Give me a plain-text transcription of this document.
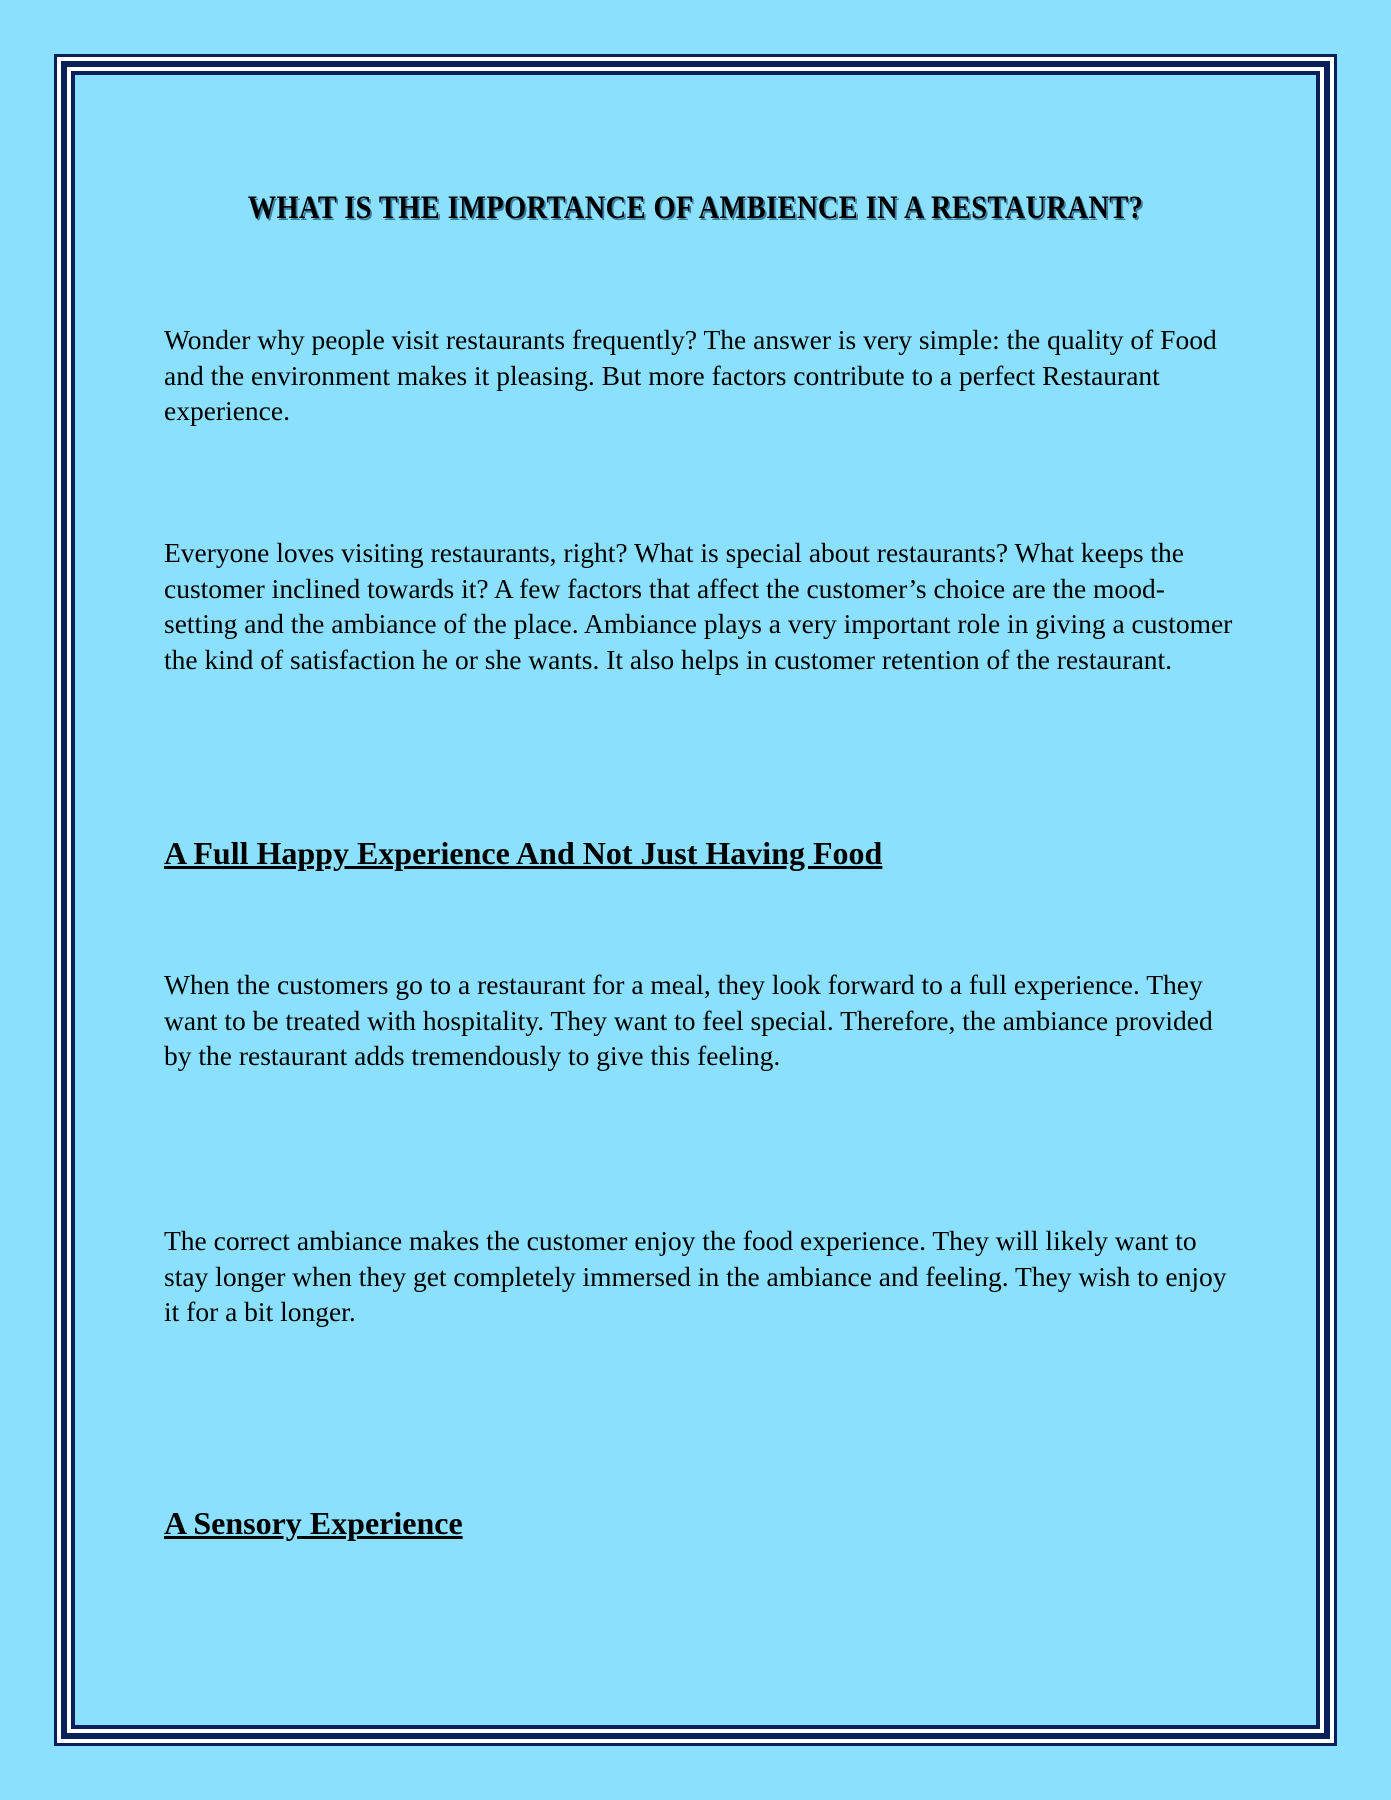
WHAT IS THE IMPORTANCE OF AMBIENCE IN A RESTAURANT?

Wonder why people visit restaurants frequently? The answer is very simple: the quality of Food and the environment makes it pleasing. But more factors contribute to a perfect Restaurant experience.

Everyone loves visiting restaurants, right? What is special about restaurants? What keeps the customer inclined towards it? A few factors that affect the customer’s choice are the mood- setting and the ambiance of the place. Ambiance plays a very important role in giving a customer the kind of satisfaction he or she wants. It also helps in customer retention of the restaurant.

A Full Happy Experience And Not Just Having Food

When the customers go to a restaurant for a meal, they look forward to a full experience. They want to be treated with hospitality. They want to feel special. Therefore, the ambiance provided by the restaurant adds tremendously to give this feeling.

The correct ambiance makes the customer enjoy the food experience. They will likely want to stay longer when they get completely immersed in the ambiance and feeling. They wish to enjoy it for a bit longer.

A Sensory Experience
